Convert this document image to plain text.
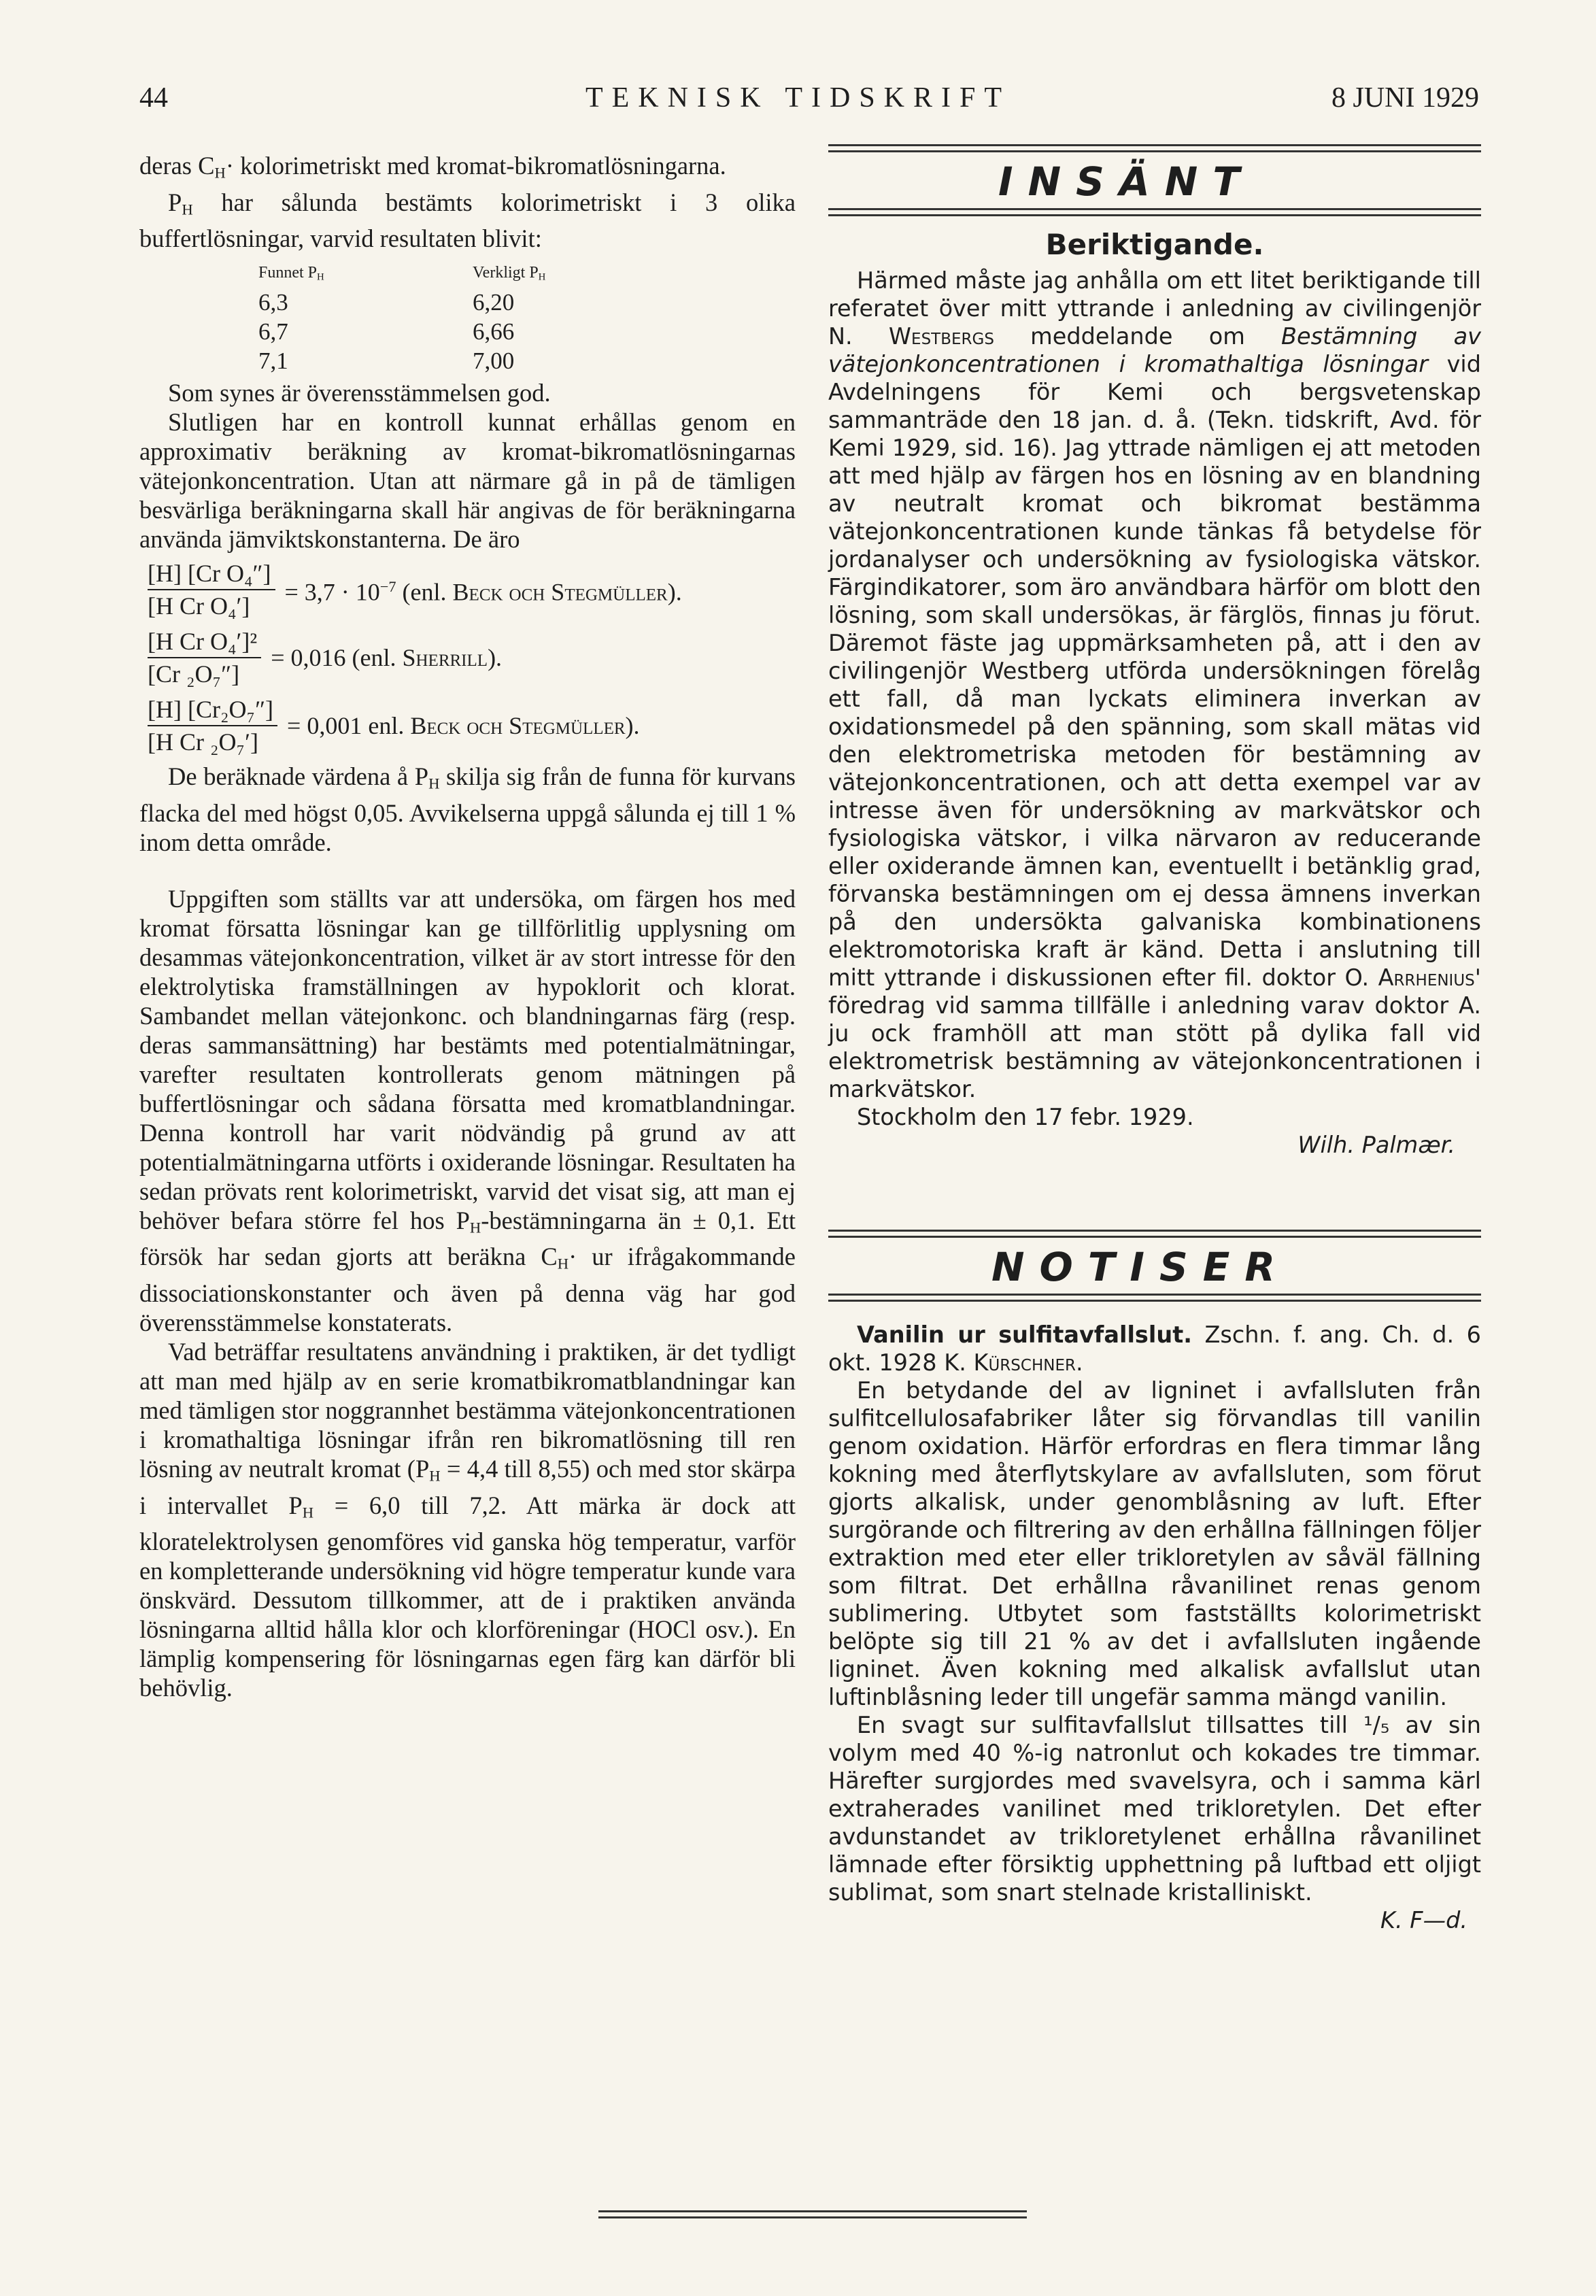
44	TEKNISK TIDSKRIFT	8 JUNI 1929

deras $C_H\cdot$ kolorimetriskt med kromat-bikromatlösningarna.

$P_H$ har sålunda bestämts kolorimetriskt i 3 olika buffertlösningar, varvid resultaten blivit:

Funnet $P_H$	Verkligt $P_H$
6,3	6,20
6,7	6,66
7,1	7,00

Som synes är överensstämmelsen god.

Slutligen har en kontroll kunnat erhållas genom en approximativ beräkning av kromat-bikromatlösningarnas vätejonkoncentration. Utan att närmare gå in på de tämligen besvärliga beräkningarna skall här angivas de för beräkningarna använda jämviktskonstanterna. De äro

$\frac{\text{[H] [Cr O₄″]}}{\text{[H Cr O₄′]}} = 3,7 \cdot 10^{-7}$ (enl. Beck och Stegmüller).
$\frac{\text{[H Cr O₄′]²}}{\text{[Cr ₂O₇″]}} = 0,016$ (enl. Sherrill).
$\frac{\text{[H] [Cr₂O₇″]}}{\text{[H Cr ₂O₇′]}} = 0,001$ enl. Beck och Stegmüller).

De beräknade värdena å $P_H$ skilja sig från de funna för kurvans flacka del med högst 0,05. Avvikelserna uppgå sålunda ej till 1 % inom detta område.

Uppgiften som ställts var att undersöka, om färgen hos med kromat försatta lösningar kan ge tillförlitlig upplysning om desammas vätejonkoncentration, vilket är av stort intresse för den elektrolytiska framställningen av hypoklorit och klorat. Sambandet mellan vätejonkonc. och blandningarnas färg (resp. deras sammansättning) har bestämts med potentialmätningar, varefter resultaten kontrollerats genom mätningen på buffertlösningar och sådana försatta med kromatblandningar. Denna kontroll har varit nödvändig på grund av att potentialmätningarna utförts i oxiderande lösningar. Resultaten ha sedan prövats rent kolorimetriskt, varvid det visat sig, att man ej behöver befara större fel hos $P_H$-bestämningarna än ± 0,1. Ett försök har sedan gjorts att beräkna $C_H\cdot$ ur ifrågakommande dissociationskonstanter och även på denna väg har god överensstämmelse konstaterats.

Vad beträffar resultatens användning i praktiken, är det tydligt att man med hjälp av en serie kromatbikromatblandningar kan med tämligen stor noggrannhet bestämma vätejonkoncentrationen i kromathaltiga lösningar ifrån ren bikromatlösning till ren lösning av neutralt kromat ($P_H = 4,4$ till 8,55) och med stor skärpa i intervallet $P_H = 6,0$ till 7,2. Att märka är dock att kloratelektrolysen genomföres vid ganska hög temperatur, varför en kompletterande undersökning vid högre temperatur kunde vara önskvärd. Dessutom tillkommer, att de i praktiken använda lösningarna alltid hålla klor och klorföreningar (HOCl osv.). En lämplig kompensering för lösningarnas egen färg kan därför bli behövlig.

INSÄNT
Beriktigande.

Härmed måste jag anhålla om ett litet beriktigande till referatet över mitt yttrande i anledning av civilingenjör N. Westbergs meddelande om Bestämning av vätejonkoncentrationen i kromathaltiga lösningar vid Avdelningens för Kemi och bergsvetenskap sammanträde den 18 jan. d. å. (Tekn. tidskrift, Avd. för Kemi 1929, sid. 16). Jag yttrade nämligen ej att metoden att med hjälp av färgen hos en lösning av en blandning av neutralt kromat och bikromat bestämma vätejonkoncentrationen kunde tänkas få betydelse för jordanalyser och undersökning av fysiologiska vätskor. Färgindikatorer, som äro användbara härför om blott den lösning, som skall undersökas, är färglös, finnas ju förut. Däremot fäste jag uppmärksamheten på, att i den av civilingenjör Westberg utförda undersökningen förelåg ett fall, då man lyckats eliminera inverkan av oxidationsmedel på den spänning, som skall mätas vid den elektrometriska metoden för bestämning av vätejonkoncentrationen, och att detta exempel var av intresse även för undersökning av markvätskor och fysiologiska vätskor, i vilka närvaron av reducerande eller oxiderande ämnen kan, eventuellt i betänklig grad, förvanska bestämningen om ej dessa ämnens inverkan på den undersökta galvaniska kombinationens elektromotoriska kraft är känd. Detta i anslutning till mitt yttrande i diskussionen efter fil. doktor O. Arrhenius' föredrag vid samma tillfälle i anledning varav doktor A. ju ock framhöll att man stött på dylika fall vid elektrometrisk bestämning av vätejonkoncentrationen i markvätskor.

Stockholm den 17 febr. 1929.

Wilh. Palmær.

NOTISER

Vanilin ur sulfitavfallslut. Zschn. f. ang. Ch. d. 6 okt. 1928 K. Kürschner.

En betydande del av ligninet i avfallsluten från sulfitcellulosafabriker låter sig förvandlas till vanilin genom oxidation. Härför erfordras en flera timmar lång kokning med återflytskylare av avfallsluten, som förut gjorts alkalisk, under genomblåsning av luft. Efter surgörande och filtrering av den erhållna fällningen följer extraktion med eter eller trikloretylen av såväl fällning som filtrat. Det erhållna råvanilinet renas genom sublimering. Utbytet som fastställts kolorimetriskt belöpte sig till 21 % av det i avfallsluten ingående ligninet. Även kokning med alkalisk avfallslut utan luftinblåsning leder till ungefär samma mängd vanilin.

En svagt sur sulfitavfallslut tillsattes till ¹/₅ av sin volym med 40 %-ig natronlut och kokades tre timmar. Härefter surgjordes med svavelsyra, och i samma kärl extraherades vanilinet med trikloretylen. Det efter avdunstandet av trikloretylenet erhållna råvanilinet lämnade efter försiktig upphettning på luftbad ett oljigt sublimat, som snart stelnade kristalliniskt.

K. F—d.
